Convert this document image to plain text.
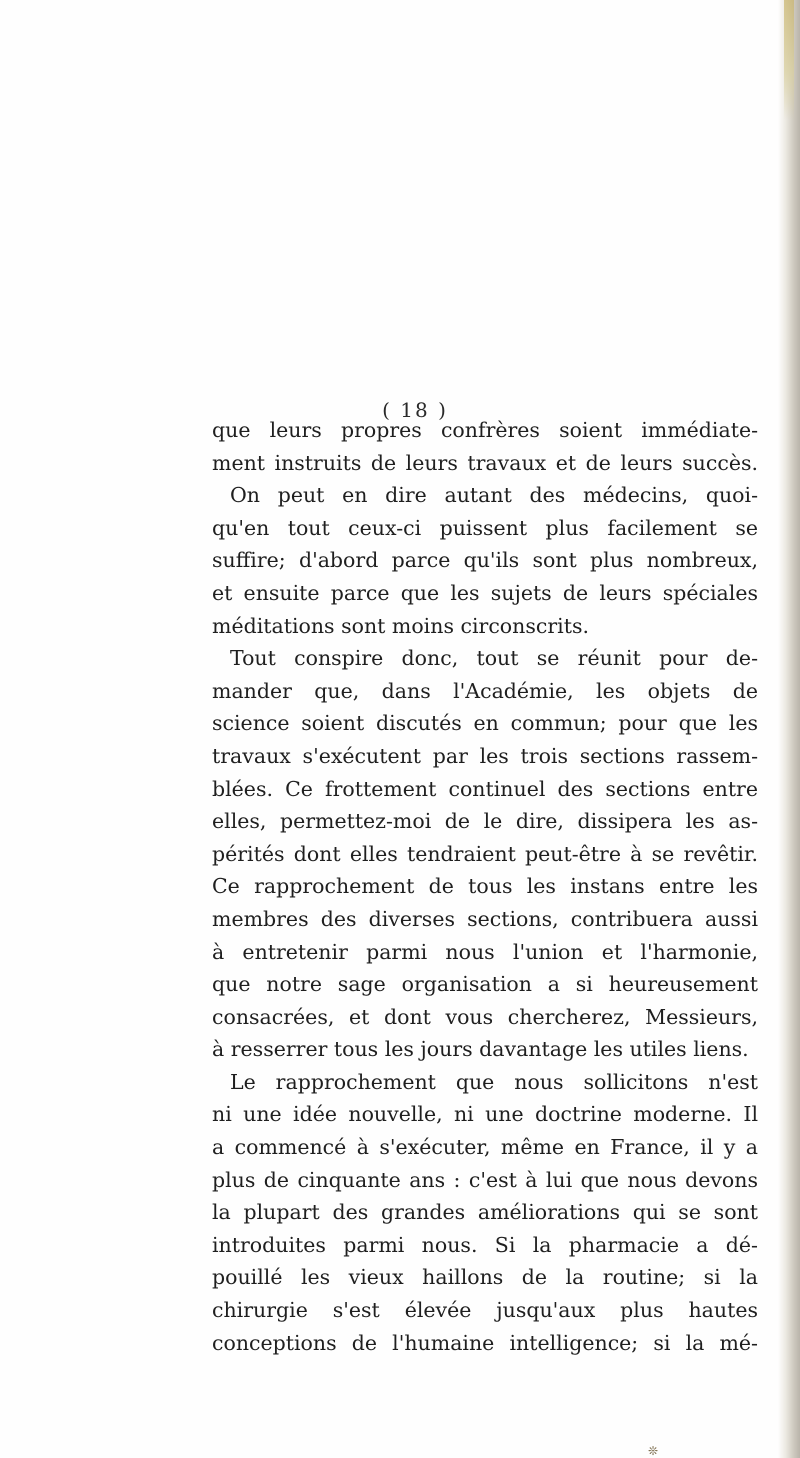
( 18 )
que leurs propres confrères soient immédiate-
ment instruits de leurs travaux et de leurs succès.
On peut en dire autant des médecins, quoi-
qu'en tout ceux-ci puissent plus facilement se
suffire; d'abord parce qu'ils sont plus nombreux,
et ensuite parce que les sujets de leurs spéciales
méditations sont moins circonscrits.
Tout conspire donc, tout se réunit pour de-
mander que, dans l'Académie, les objets de
science soient discutés en commun; pour que les
travaux s'exécutent par les trois sections rassem-
blées. Ce frottement continuel des sections entre
elles, permettez-moi de le dire, dissipera les as-
pérités dont elles tendraient peut-être à se revêtir.
Ce rapprochement de tous les instans entre les
membres des diverses sections, contribuera aussi
à entretenir parmi nous l'union et l'harmonie,
que notre sage organisation a si heureusement
consacrées, et dont vous chercherez, Messieurs,
à resserrer tous les jours davantage les utiles liens.
Le rapprochement que nous sollicitons n'est
ni une idée nouvelle, ni une doctrine moderne. Il
a commencé à s'exécuter, même en France, il y a
plus de cinquante ans : c'est à lui que nous devons
la plupart des grandes améliorations qui se sont
introduites parmi nous. Si la pharmacie a dé-
pouillé les vieux haillons de la routine; si la
chirurgie s'est élevée jusqu'aux plus hautes
conceptions de l'humaine intelligence; si la mé-
❊
